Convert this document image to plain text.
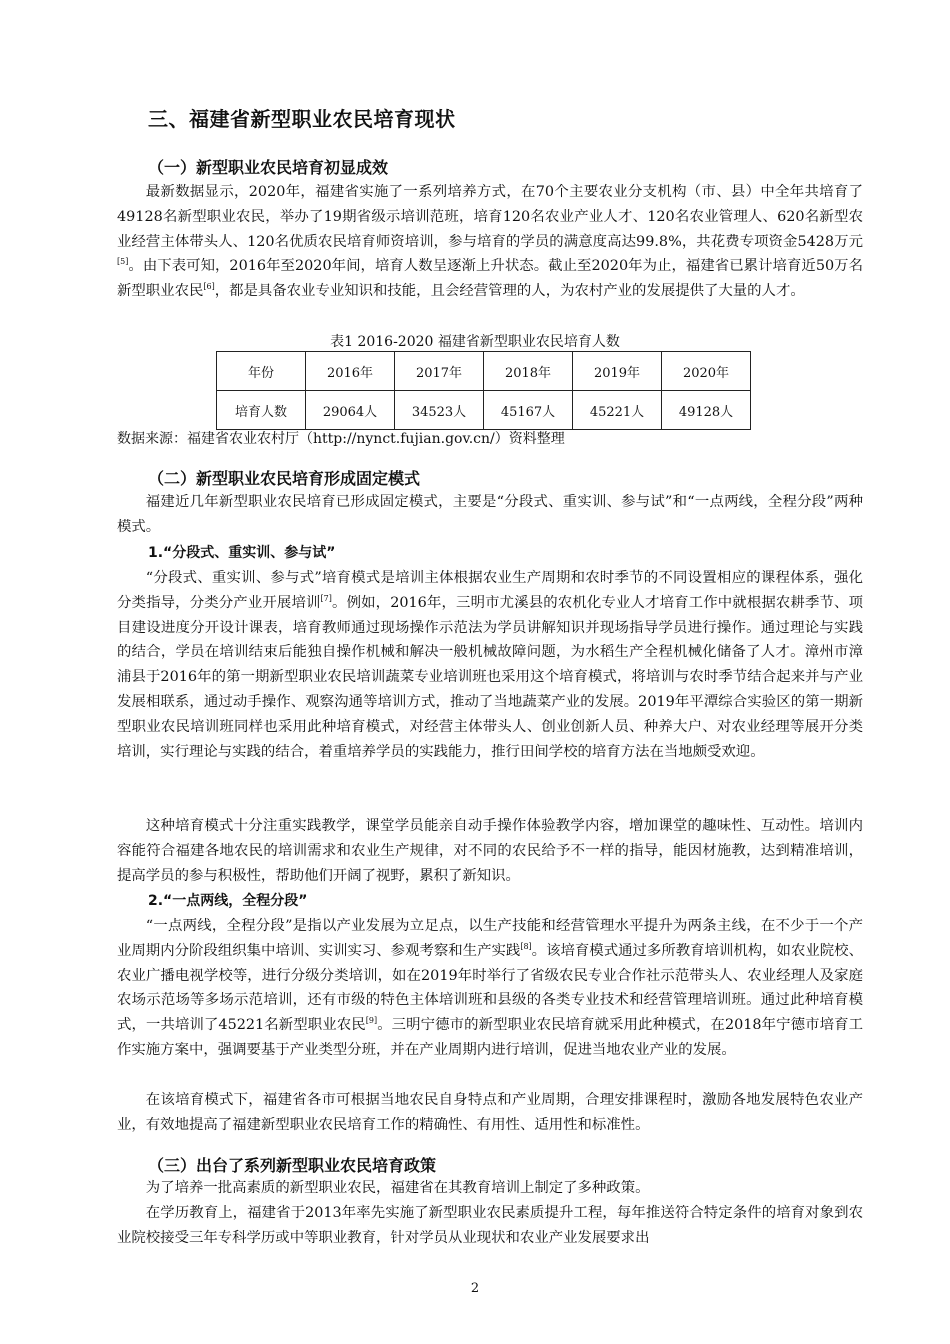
三、福建省新型职业农民培育现状
（一）新型职业农民培育初显成效

最新数据显示，2020年，福建省实施了一系列培养方式，在70个主要农业分支机构（市、县）中全年共培育了49128名新型职业农民，举办了19期省级示培训范班，培育120名农业产业人才、120名农业管理人、620名新型农业经营主体带头人、120名优质农民培育师资培训，参与培育的学员的满意度高达99.8%，共花费专项资金5428万元[5]。由下表可知，2016年至2020年间，培育人数呈逐渐上升状态。截止至2020年为止，福建省已累计培育近50万名新型职业农民[6]，都是具备农业专业知识和技能，且会经营管理的人，为农村产业的发展提供了大量的人才。

表1 2016-2020 福建省新型职业农民培育人数
年份	2016年	2017年	2018年	2019年	2020年
培育人数	29064人	34523人	45167人	45221人	49128人
数据来源：福建省农业农村厅（http://nynct.fujian.gov.cn/）资料整理
（二）新型职业农民培育形成固定模式

福建近几年新型职业农民培育已形成固定模式，主要是“分段式、重实训、参与试”和“一点两线，全程分段”两种模式。

1.“分段式、重实训、参与试”

“分段式、重实训、参与式”培育模式是培训主体根据农业生产周期和农时季节的不同设置相应的课程体系，强化分类指导，分类分产业开展培训[7]。例如，2016年，三明市尤溪县的农机化专业人才培育工作中就根据农耕季节、项目建设进度分开设计课表，培育教师通过现场操作示范法为学员讲解知识并现场指导学员进行操作。通过理论与实践的结合，学员在培训结束后能独自操作机械和解决一般机械故障问题，为水稻生产全程机械化储备了人才。漳州市漳浦县于2016年的第一期新型职业农民培训蔬菜专业培训班也采用这个培育模式，将培训与农时季节结合起来并与产业发展相联系，通过动手操作、观察沟通等培训方式，推动了当地蔬菜产业的发展。2019年平潭综合实验区的第一期新型职业农民培训班同样也采用此种培育模式，对经营主体带头人、创业创新人员、种养大户、对农业经理等展开分类培训，实行理论与实践的结合，着重培养学员的实践能力，推行田间学校的培育方法在当地颇受欢迎。

这种培育模式十分注重实践教学，课堂学员能亲自动手操作体验教学内容，增加课堂的趣味性、互动性。培训内容能符合福建各地农民的培训需求和农业生产规律，对不同的农民给予不一样的指导，能因材施教，达到精准培训，提高学员的参与积极性，帮助他们开阔了视野，累积了新知识。

2.“一点两线，全程分段”

“一点两线，全程分段”是指以产业发展为立足点，以生产技能和经营管理水平提升为两条主线，在不少于一个产业周期内分阶段组织集中培训、实训实习、参观考察和生产实践[8]。该培育模式通过多所教育培训机构，如农业院校、农业广播电视学校等，进行分级分类培训，如在2019年时举行了省级农民专业合作社示范带头人、农业经理人及家庭农场示范场等多场示范培训，还有市级的特色主体培训班和县级的各类专业技术和经营管理培训班。通过此种培育模式，一共培训了45221名新型职业农民[9]。三明宁德市的新型职业农民培育就采用此种模式，在2018年宁德市培育工作实施方案中，强调要基于产业类型分班，并在产业周期内进行培训，促进当地农业产业的发展。

在该培育模式下，福建省各市可根据当地农民自身特点和产业周期，合理安排课程时，激励各地发展特色农业产业，有效地提高了福建新型职业农民培育工作的精确性、有用性、适用性和标准性。

（三）出台了系列新型职业农民培育政策

为了培养一批高素质的新型职业农民，福建省在其教育培训上制定了多种政策。

在学历教育上，福建省于2013年率先实施了新型职业农民素质提升工程，每年推送符合特定条件的培育对象到农业院校接受三年专科学历或中等职业教育，针对学员从业现状和农业产业发展要求出

2
